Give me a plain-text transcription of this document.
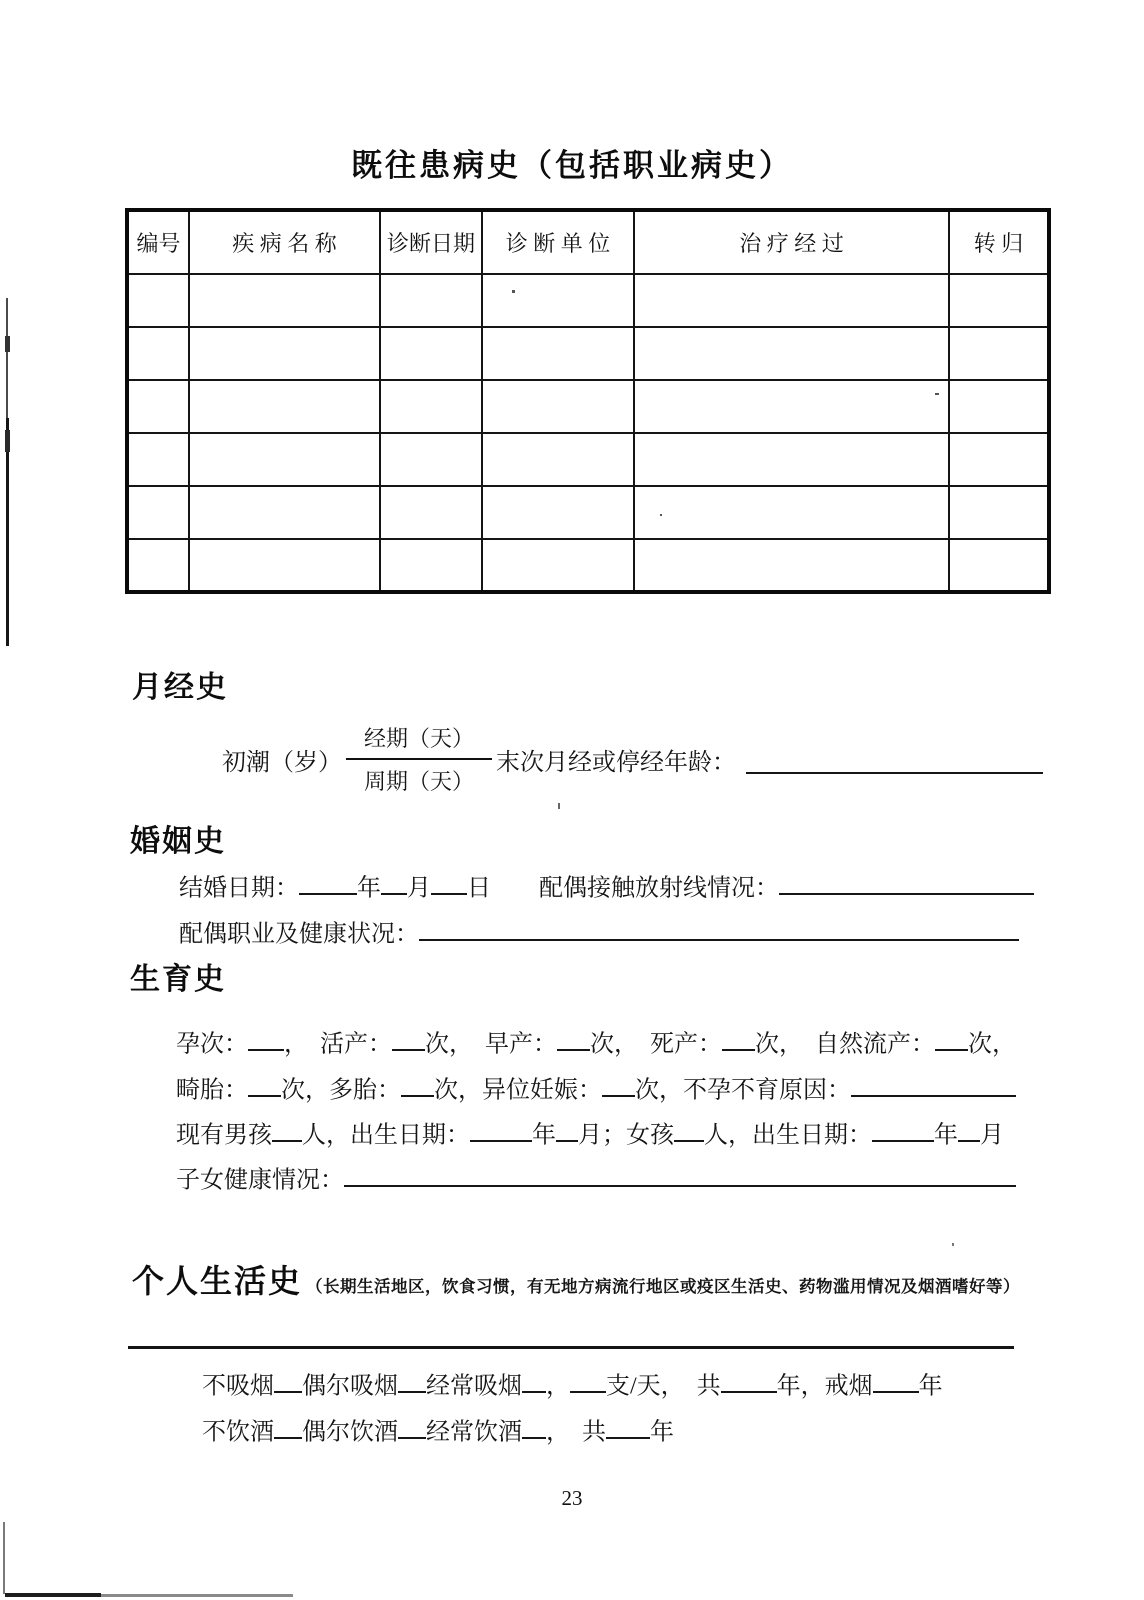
既往患病史（包括职业病史）
编号	疾 病 名 称	诊断日期	诊 断 单 位	治 疗 经 过	转 归

月经史
初潮（岁） $\frac{\text{经期（天）}}{\text{周期（天）}}$ 末次月经或停经年龄：
婚姻史
结婚日期： 年 月 日　　配偶接触放射线情况：
配偶职业及健康状况：
生育史
孕次： ，　活产： 次，　早产： 次，　死产： 次，　自然流产： 次，
畸胎： 次，多胎： 次，异位妊娠： 次，不孕不育原因：
现有男孩 人，出生日期：	年 月；女孩 人，出生日期：	年 月
子女健康情况：
个人生活史 （长期生活地区，饮食习惯，有无地方病流行地区或疫区生活史、药物滥用情况及烟酒嗜好等）
不吸烟 偶尔吸烟 经常吸烟 ， 支/天，　共 年，戒烟 年
不饮酒 偶尔饮酒 经常饮酒 ，　共 年
23
